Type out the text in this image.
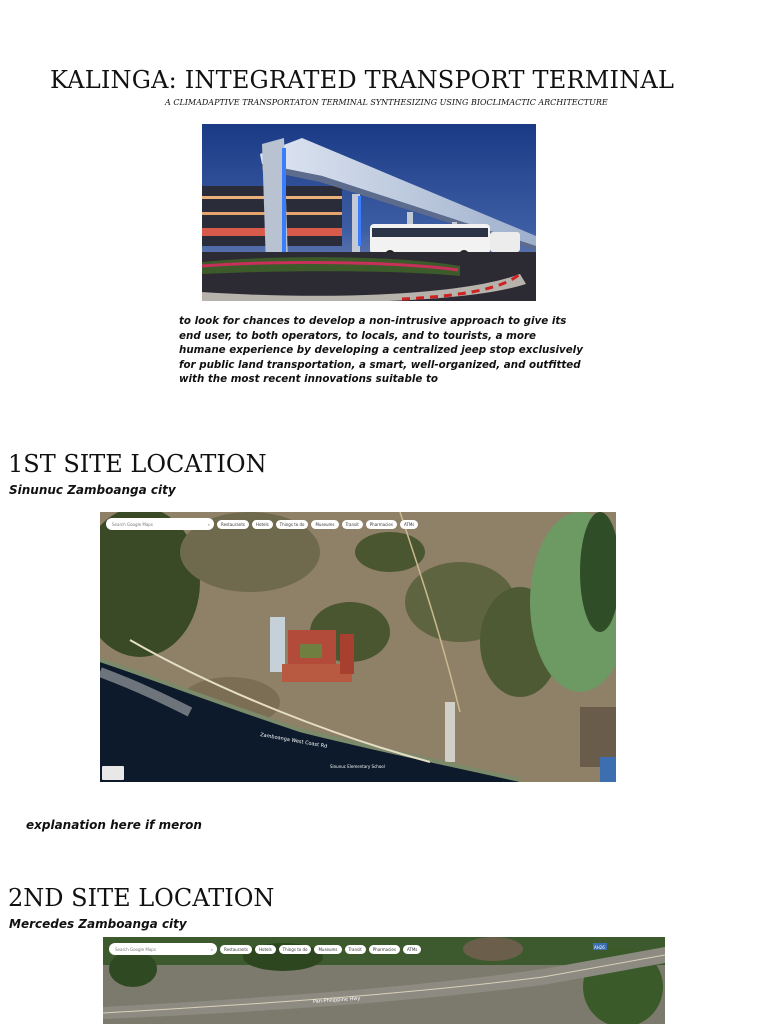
KALINGA: INTEGRATED TRANSPORT TERMINAL
A CLIMADAPTIVE TRANSPORTATON TERMINAL SYNTHESIZING USING BIOCLIMACTIC ARCHITECTURE
to look for chances to develop a non-intrusive approach to give its end user, to both operators, to locals, and to tourists, a more humane experience by developing a centralized jeep stop exclusively for public land transportation, a smart, well-organized, and outfitted with the most recent innovations suitable to
1ST SITE LOCATION
Sinunuc Zamboanga city
Zamboanga West Coast Rd
Sinunuc Elementary School
Search Google Maps	⌕	Restaurants	Hotels	Things to do	Museums	Transit	Pharmacies	ATMs
explanation here if meron
2ND SITE LOCATION
Mercedes Zamboanga city
Pan-Philippine Hwy
AH26
Search Google Maps	⌕	Restaurants	Hotels	Things to do	Museums	Transit	Pharmacies	ATMs
